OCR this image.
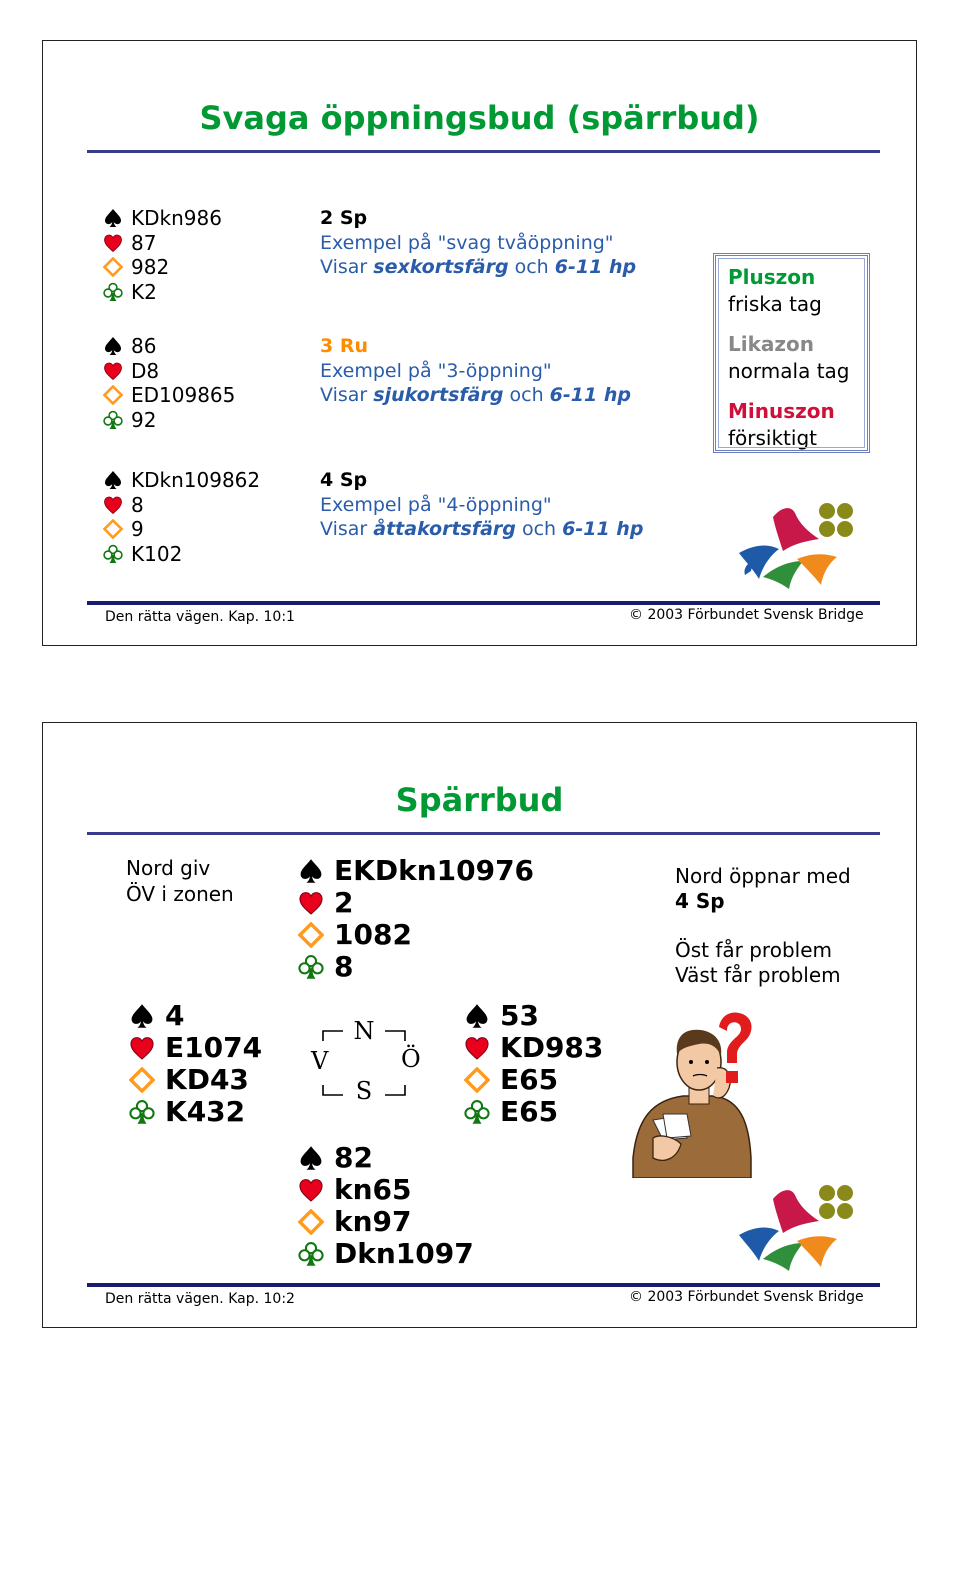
Svaga öppningsbud (spärrbud)
KDkn986
87
982
K2
86
D8
ED109865
92
KDkn109862
8
9
K102
2 Sp
Exempel på "svag tvåöppning"
Visar sexkortsfärg och 6-11 hp
3 Ru
Exempel på "3-öppning"
Visar sjukortsfärg och 6-11 hp
4 Sp
Exempel på "4-öppning"
Visar åttakortsfärg och 6-11 hp
Pluszon
friska tag
Likazon
normala tag
Minuszon
försiktigt
Den rätta vägen. Kap. 10:1	© 2003 Förbundet Svensk Bridge
Spärrbud
Nord giv
ÖV i zonen
EKDkn10976
2
1082
8
4
E1074
KD43
K432
N
S
V	Ö
53
KD983
E65
E65
82
kn65
kn97
Dkn1097
Nord öppnar med
4 Sp
Öst får problem
Väst får problem
Den rätta vägen. Kap. 10:2	© 2003 Förbundet Svensk Bridge
